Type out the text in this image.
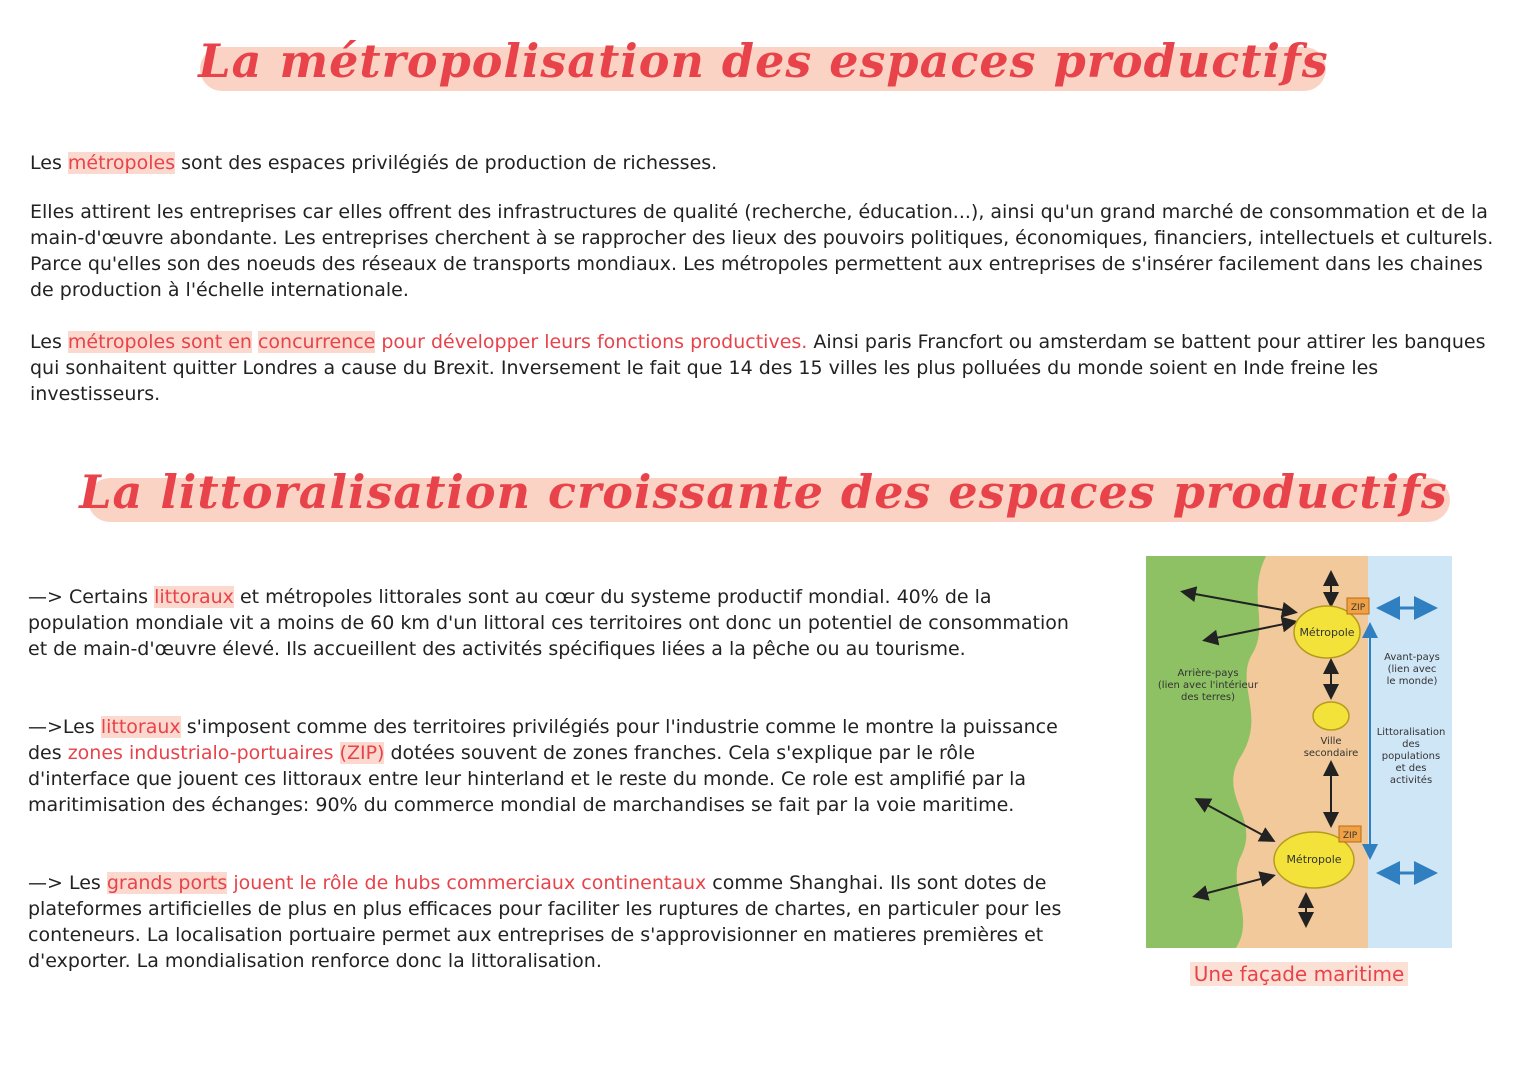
La métropolisation des espaces productifs

Les métropoles sont des espaces privilégiés de production de richesses.

Elles attirent les entreprises car elles offrent des infrastructures de qualité (recherche, éducation...), ainsi qu'un grand marché de consommation et de la main-d'œuvre abondante. Les entreprises cherchent à se rapprocher des lieux des pouvoirs politiques, économiques, financiers, intellectuels et culturels. Parce qu'elles son des noeuds des réseaux de transports mondiaux. Les métropoles permettent aux entreprises de s'insérer facilement dans les chaines de production à l'échelle internationale.

Les métropoles sont en concurrence pour développer leurs fonctions productives. Ainsi paris Francfort ou amsterdam se battent pour attirer les banques qui sonhaitent quitter Londres a cause du Brexit. Inversement le fait que 14 des 15 villes les plus polluées du monde soient en Inde freine les investisseurs.

La littoralisation croissante des espaces productifs

—> Certains littoraux et métropoles littorales sont au cœur du systeme productif mondial. 40% de la population mondiale vit a moins de 60 km d'un littoral ces territoires ont donc un potentiel de consommation et de main-d'œuvre élevé. Ils accueillent des activités spécifiques liées a la pêche ou au tourisme.

—>Les littoraux s'imposent comme des territoires privilégiés pour l'industrie comme le montre la puissance des zones industrialo-portuaires (ZIP) dotées souvent de zones franches. Cela s'explique par le rôle d'interface que jouent ces littoraux entre leur hinterland et le reste du monde. Ce role est amplifié par la maritimisation des échanges: 90% du commerce mondial de marchandises se fait par la voie maritime.

—> Les grands ports jouent le rôle de hubs commerciaux continentaux comme Shanghai. Ils sont dotes de plateformes artificielles de plus en plus efficaces pour faciliter les ruptures de chartes, en particuler pour les conteneurs. La localisation portuaire permet aux entreprises de s'approvisionner en matieres premières et d'exporter. La mondialisation renforce donc la littoralisation.

Métropole
ZIP
Ville
secondaire
Métropole
ZIP
Arrière-pays
(lien avec l'intérieur
des terres)
Avant-pays
(lien avec
le monde)
Littoralisation
des
populations
et des
activités
Une façade maritime
